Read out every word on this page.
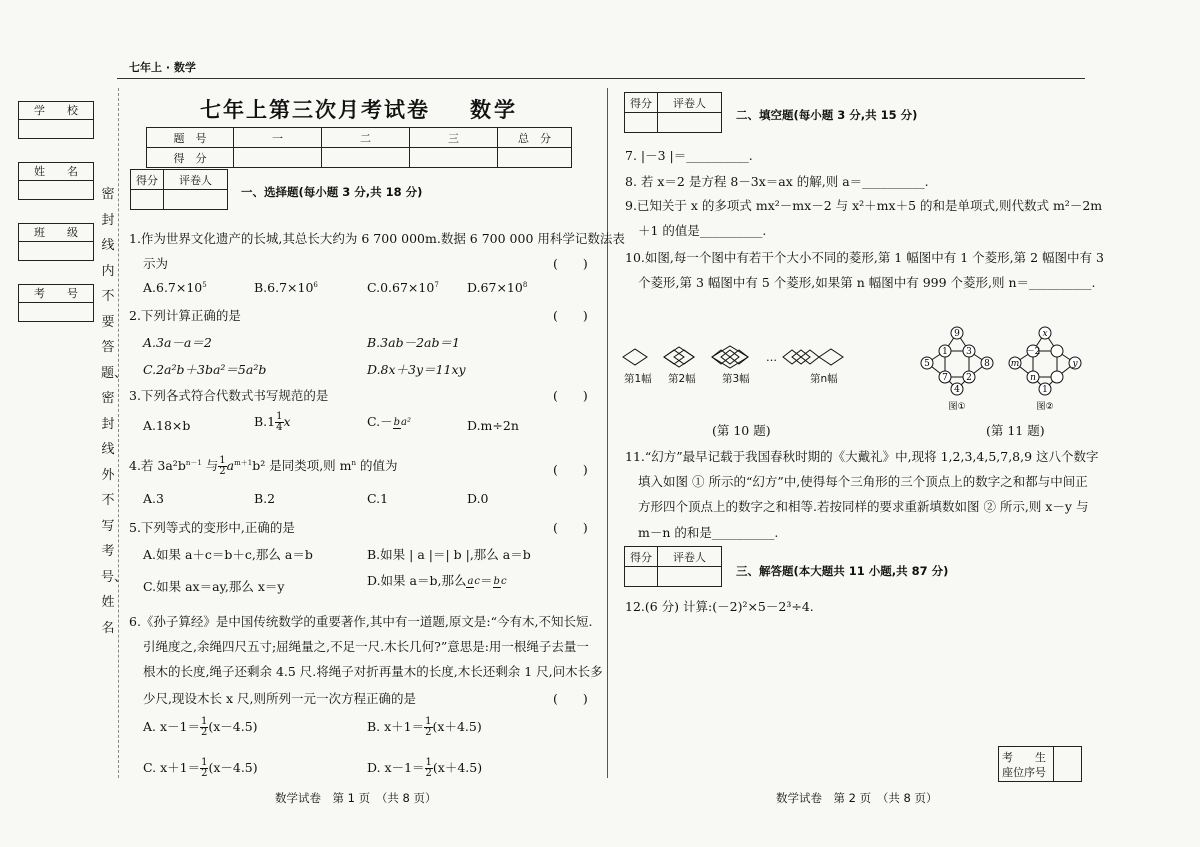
七年上 · 数学
学　　校
姓　　名
班　　级
考　　号
密封线内不要答题、密封线外不写考号、姓名
七年上第三次月考试卷 数学
题　号	一	二	三	总　分
得　分				
得分	评卷人

一、选择题(每小题 3 分,共 18 分)
1.作为世界文化遗产的长城,其总长大约为 6 700 000m.数据 6 700 000 用科学记数法表
示为	(　　)
$A.6.7\times 10^5$	$B.6.7\times 10^6$	$C.0.67\times 10^7$ $D.67\times 10^8$
2.下列计算正确的是	(　　)
A.3a－a＝2	B.3ab－2ab＝1
C.2a²b＋3ba²＝5a²b	D.8x＋3y＝11xy
3.下列各式符合代数式书写规范的是	(　　)
A.18×b	$B.1 \frac{1}{4}$ x	C.－ba²	D.m÷2n
4.若 $3a^2b^{n-1}$ 与 $\frac{1}{2} a^{m+1}b^2$ 是同类项,则 $m^n$ 的值为	(　　)
A.3	B.2	C.1	D.0
5.下列等式的变形中,正确的是	(　　)
A.如果 a＋c＝b＋c,那么 a＝b	B.如果 | a |＝| b |,那么 a＝b
C.如果 ax＝ay,那么 x＝y	D.如果 a＝b,那么ac＝bc
6.《孙子算经》是中国传统数学的重要著作,其中有一道题,原文是:“今有木,不知长短.
引绳度之,余绳四尺五寸;屈绳量之,不足一尺.木长几何?”意思是:用一根绳子去量一
根木的长度,绳子还剩余 4.5 尺.将绳子对折再量木的长度,木长还剩余 1 尺,问木长多
少尺,现设木长 x 尺,则所列一元一次方程正确的是	(　　)
A. $x-1= \frac{1}{2} (x-4.5)$	B. $x+1= \frac{1}{2} (x+4.5)$
C. $x+1= \frac{1}{2} (x-4.5)$	D. $x-1= \frac{1}{2} (x+4.5)$
数学试卷　第 1 页　（共 8 页）
得分	评卷人

二、填空题(每小题 3 分,共 15 分)
7. |－3 |＝__________.
8. 若 x＝2 是方程 8－3x＝ax 的解,则 a＝__________.
9.已知关于 x 的多项式 mx²－mx－2 与 x²＋mx＋5 的和是单项式,则代数式 m²－2m
＋1 的值是__________.
10.如图,每一个图中有若干个大小不同的菱形,第 1 幅图中有 1 个菱形,第 2 幅图中有 3
个菱形,第 3 幅图中有 5 个菱形,如果第 n 幅图中有 999 个菱形,则 n＝__________.
…
第1幅 第2幅	第3幅	第n幅
(第 10 题)
9
1 3
5	8
7 2
4
x
－2
m	y
n
1
图①	图②
(第 11 题)
11.“幻方”最早记载于我国春秋时期的《大戴礼》中,现将 1,2,3,4,5,7,8,9 这八个数字
填入如图 ① 所示的“幻方”中,使得每个三角形的三个顶点上的数字之和都与中间正
方形四个顶点上的数字之和相等.若按同样的要求重新填数如图 ② 所示,则 x－y 与
m－n 的和是__________.
得分	评卷人

三、解答题(本大题共 11 小题,共 87 分)
12.(6 分) 计算:(－2)²×5－2³÷4.
考　　生
座位序号
数学试卷　第 2 页　（共 8 页）
